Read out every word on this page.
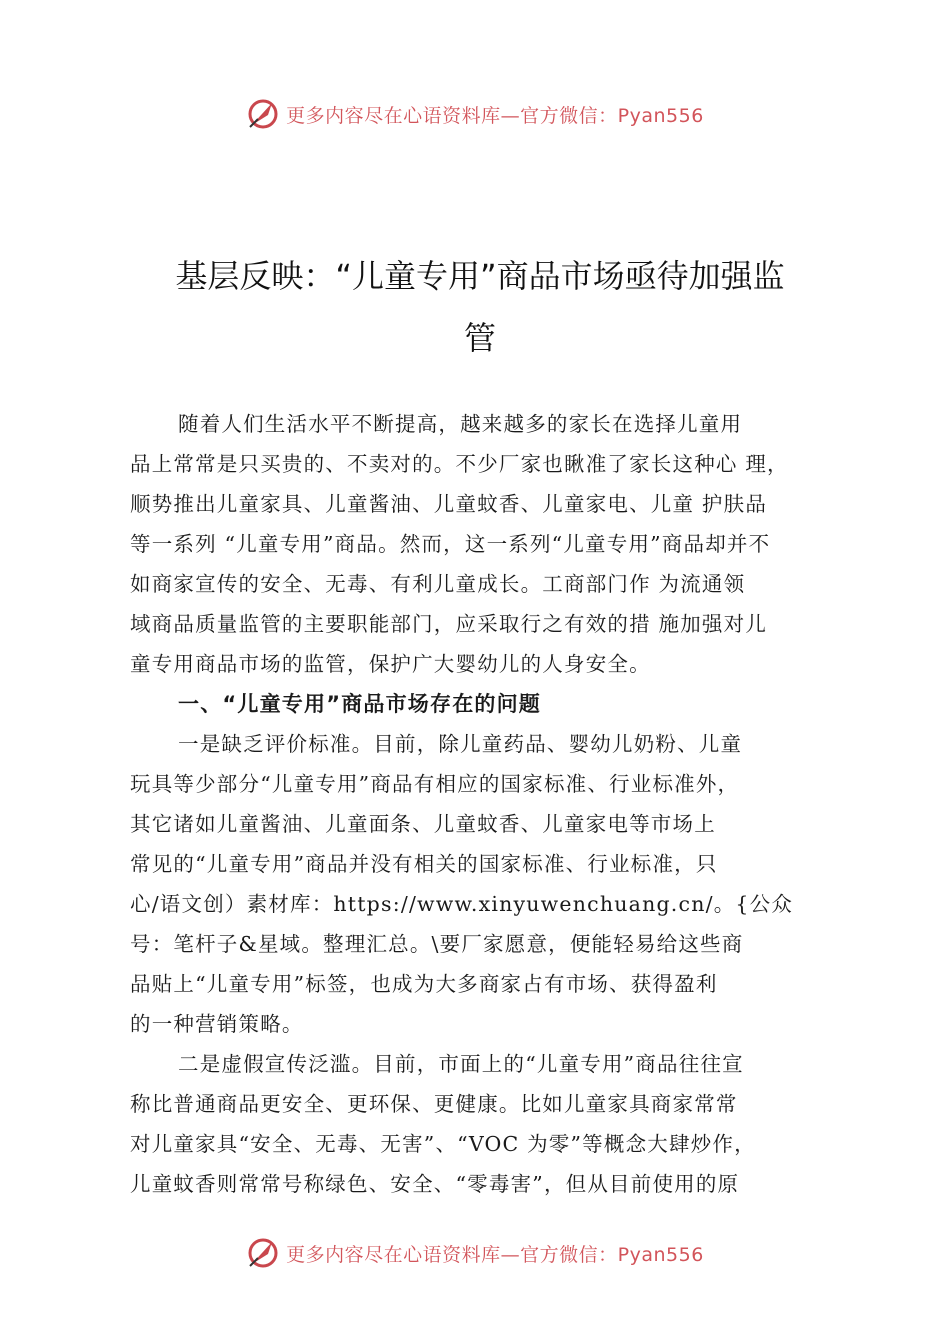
更多内容尽在心语资料库—官方微信：Pyan556
基层反映：“儿童专用”商品市场亟待加强监
管

随着人们生活水平不断提高，越来越多的家长在选择儿童用
品上常常是只买贵的、不卖对的。不少厂家也瞅准了家长这种心 理，
顺势推出儿童家具、儿童酱油、儿童蚊香、儿童家电、儿童 护肤品
等一系列 “儿童专用”商品。然而，这一系列“儿童专用”商品却并不
如商家宣传的安全、无毒、有利儿童成长。工商部门作 为流通领
域商品质量监管的主要职能部门，应采取行之有效的措 施加强对儿
童专用商品市场的监管，保护广大婴幼儿的人身安全。

一、“儿童专用”商品市场存在的问题

一是缺乏评价标准。目前，除儿童药品、婴幼儿奶粉、儿童
玩具等少部分“儿童专用”商品有相应的国家标准、行业标准外，
其它诸如儿童酱油、儿童面条、儿童蚊香、儿童家电等市场上
常见的“儿童专用”商品并没有相关的国家标准、行业标准，只
心/语文创）素材库：https://www.xinyuwenchuang.cn/。{公众
号：笔杆子&星域。整理汇总。\要厂家愿意，便能轻易给这些商
品贴上“儿童专用”标签，也成为大多商家占有市场、获得盈利
的一种营销策略。

二是虚假宣传泛滥。目前，市面上的“儿童专用”商品往往宣
称比普通商品更安全、更环保、更健康。比如儿童家具商家常常
对儿童家具“安全、无毒、无害”、“VOC 为零”等概念大肆炒作，
儿童蚊香则常常号称绿色、安全、“零毒害”，但从目前使用的原

更多内容尽在心语资料库—官方微信：Pyan556
